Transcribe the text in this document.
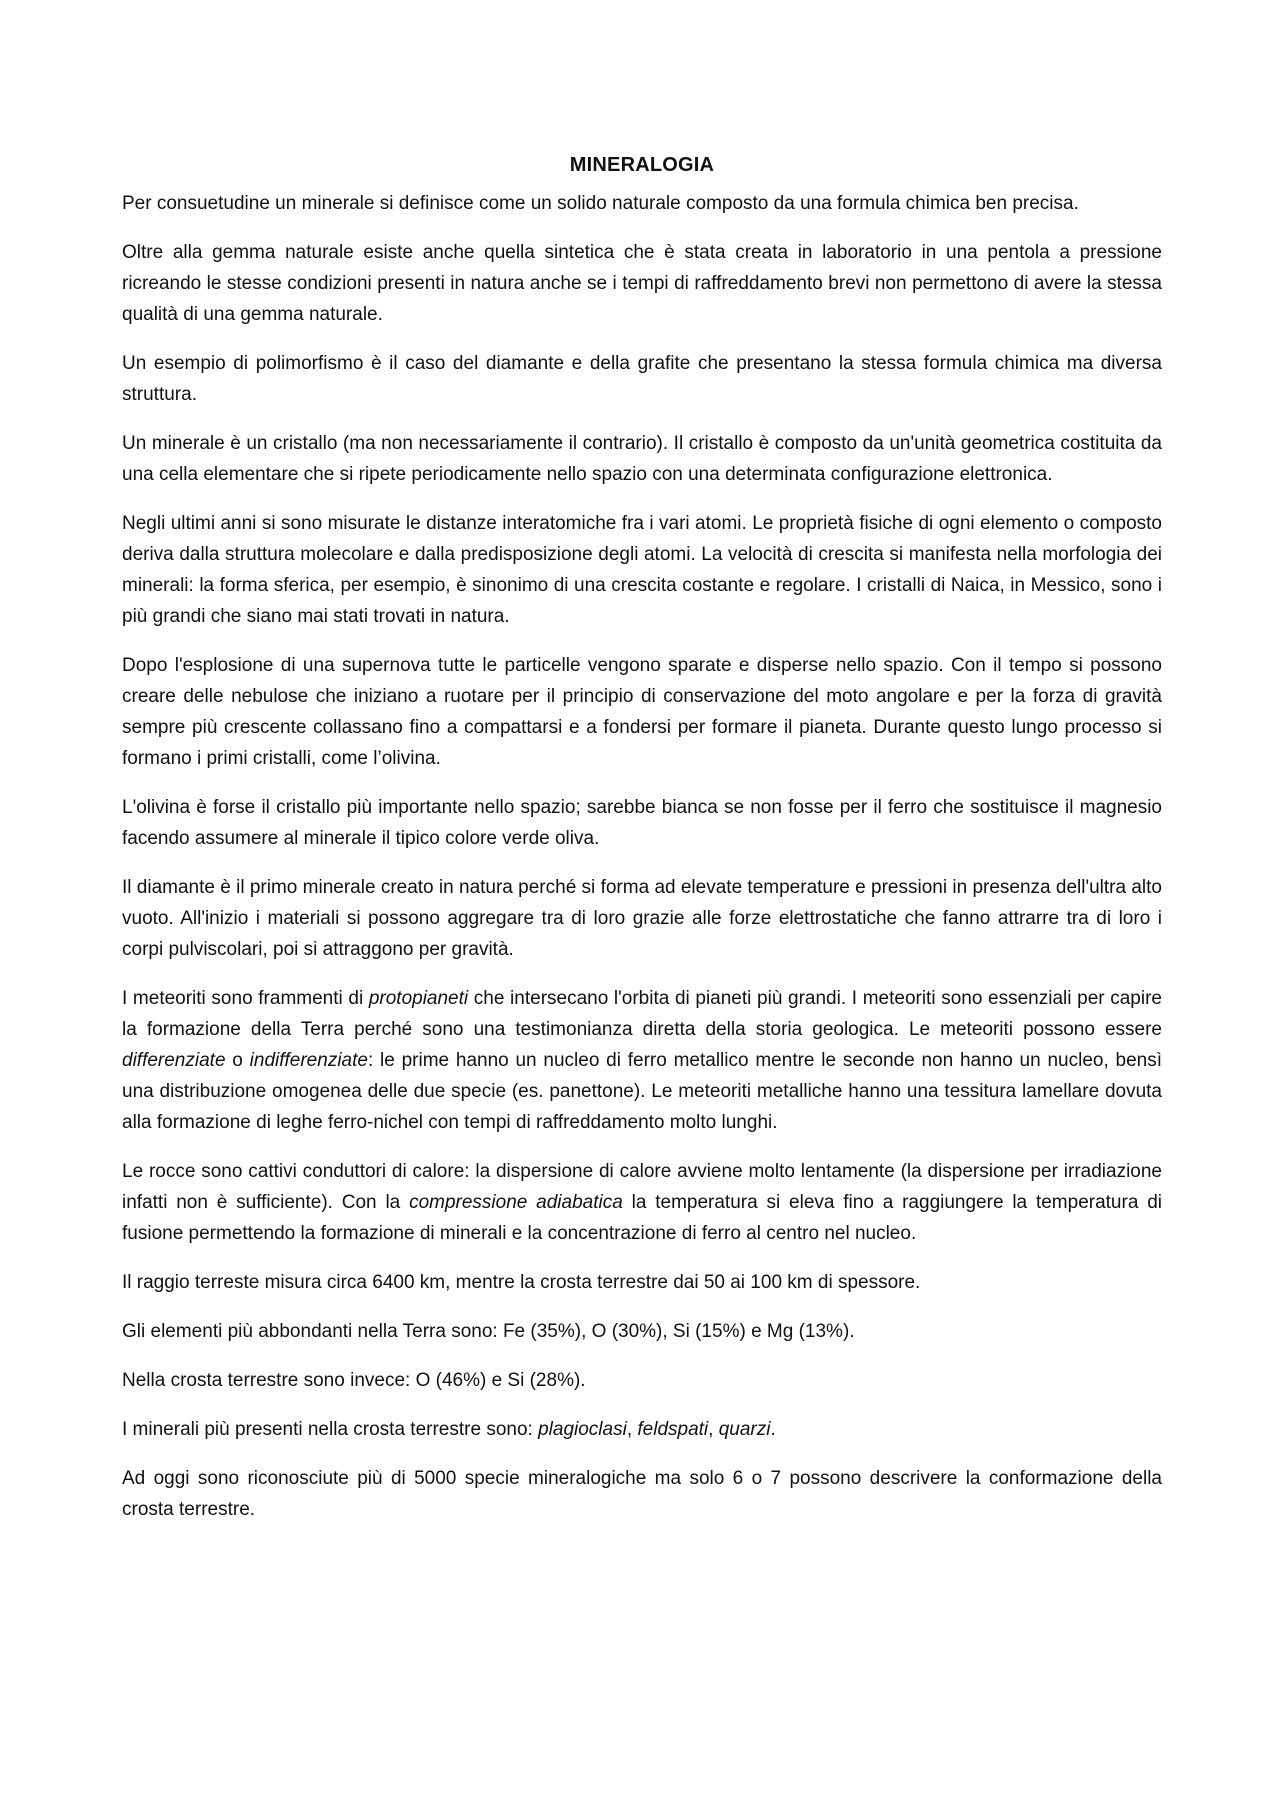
MINERALOGIA

Per consuetudine un minerale si definisce come un solido naturale composto da una formula chimica ben precisa.

Oltre alla gemma naturale esiste anche quella sintetica che è stata creata in laboratorio in una pentola a pressione ricreando le stesse condizioni presenti in natura anche se i tempi di raffreddamento brevi non permettono di avere la stessa qualità di una gemma naturale.

Un esempio di polimorfismo è il caso del diamante e della grafite che presentano la stessa formula chimica ma diversa struttura.

Un minerale è un cristallo (ma non necessariamente il contrario). Il cristallo è composto da un'unità geometrica costituita da una cella elementare che si ripete periodicamente nello spazio con una determinata configurazione elettronica.

Negli ultimi anni si sono misurate le distanze interatomiche fra i vari atomi. Le proprietà fisiche di ogni elemento o composto deriva dalla struttura molecolare e dalla predisposizione degli atomi. La velocità di crescita si manifesta nella morfologia dei minerali: la forma sferica, per esempio, è sinonimo di una crescita costante e regolare. I cristalli di Naica, in Messico, sono i più grandi che siano mai stati trovati in natura.

Dopo l'esplosione di una supernova tutte le particelle vengono sparate e disperse nello spazio. Con il tempo si possono creare delle nebulose che iniziano a ruotare per il principio di conservazione del moto angolare e per la forza di gravità sempre più crescente collassano fino a compattarsi e a fondersi per formare il pianeta. Durante questo lungo processo si formano i primi cristalli, come l’olivina.

L'olivina è forse il cristallo più importante nello spazio; sarebbe bianca se non fosse per il ferro che sostituisce il magnesio facendo assumere al minerale il tipico colore verde oliva.

Il diamante è il primo minerale creato in natura perché si forma ad elevate temperature e pressioni in presenza dell'ultra alto vuoto. All'inizio i materiali si possono aggregare tra di loro grazie alle forze elettrostatiche che fanno attrarre tra di loro i corpi pulviscolari, poi si attraggono per gravità.

I meteoriti sono frammenti di protopianeti che intersecano l'orbita di pianeti più grandi. I meteoriti sono essenziali per capire la formazione della Terra perché sono una testimonianza diretta della storia geologica. Le meteoriti possono essere differenziate o indifferenziate: le prime hanno un nucleo di ferro metallico mentre le seconde non hanno un nucleo, bensì una distribuzione omogenea delle due specie (es. panettone). Le meteoriti metalliche hanno una tessitura lamellare dovuta alla formazione di leghe ferro-nichel con tempi di raffreddamento molto lunghi.

Le rocce sono cattivi conduttori di calore: la dispersione di calore avviene molto lentamente (la dispersione per irradiazione infatti non è sufficiente). Con la compressione adiabatica la temperatura si eleva fino a raggiungere la temperatura di fusione permettendo la formazione di minerali e la concentrazione di ferro al centro nel nucleo.

Il raggio terreste misura circa 6400 km, mentre la crosta terrestre dai 50 ai 100 km di spessore.

Gli elementi più abbondanti nella Terra sono: Fe (35%), O (30%), Si (15%) e Mg (13%).

Nella crosta terrestre sono invece: O (46%) e Si (28%).

I minerali più presenti nella crosta terrestre sono: plagioclasi, feldspati, quarzi.

Ad oggi sono riconosciute più di 5000 specie mineralogiche ma solo 6 o 7 possono descrivere la conformazione della crosta terrestre.
